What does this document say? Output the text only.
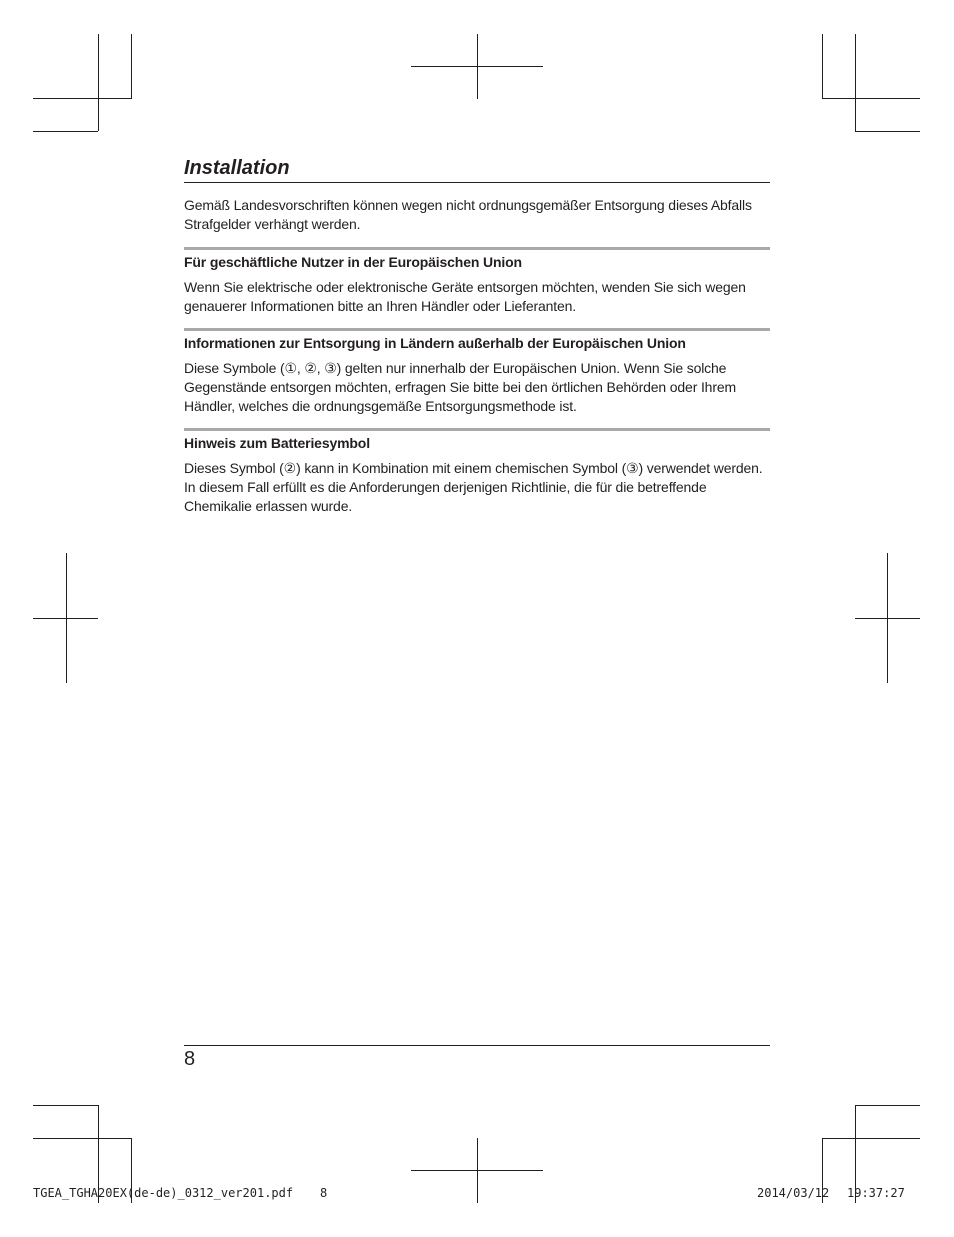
Installation

Gemäß Landesvorschriften können wegen nicht ordnungsgemäßer Entsorgung dieses Abfalls Strafgelder verhängt werden.

Für geschäftliche Nutzer in der Europäischen Union

Wenn Sie elektrische oder elektronische Geräte entsorgen möchten, wenden Sie sich wegen genauerer Informationen bitte an Ihren Händler oder Lieferanten.

Informationen zur Entsorgung in Ländern außerhalb der Europäischen Union

Diese Symbole (①, ②, ③) gelten nur innerhalb der Europäischen Union. Wenn Sie solche Gegenstände entsorgen möchten, erfragen Sie bitte bei den örtlichen Behörden oder Ihrem Händler, welches die ordnungsgemäße Entsorgungsmethode ist.

Hinweis zum Batteriesymbol

Dieses Symbol (②) kann in Kombination mit einem chemischen Symbol (③) verwendet werden. In diesem Fall erfüllt es die Anforderungen derjenigen Richtlinie, die für die betreffende Chemikalie erlassen wurde.

8
TGEA_TGHA20EX(de-de)_0312_ver201.pdf 8	2014/03/12 19:37:27
